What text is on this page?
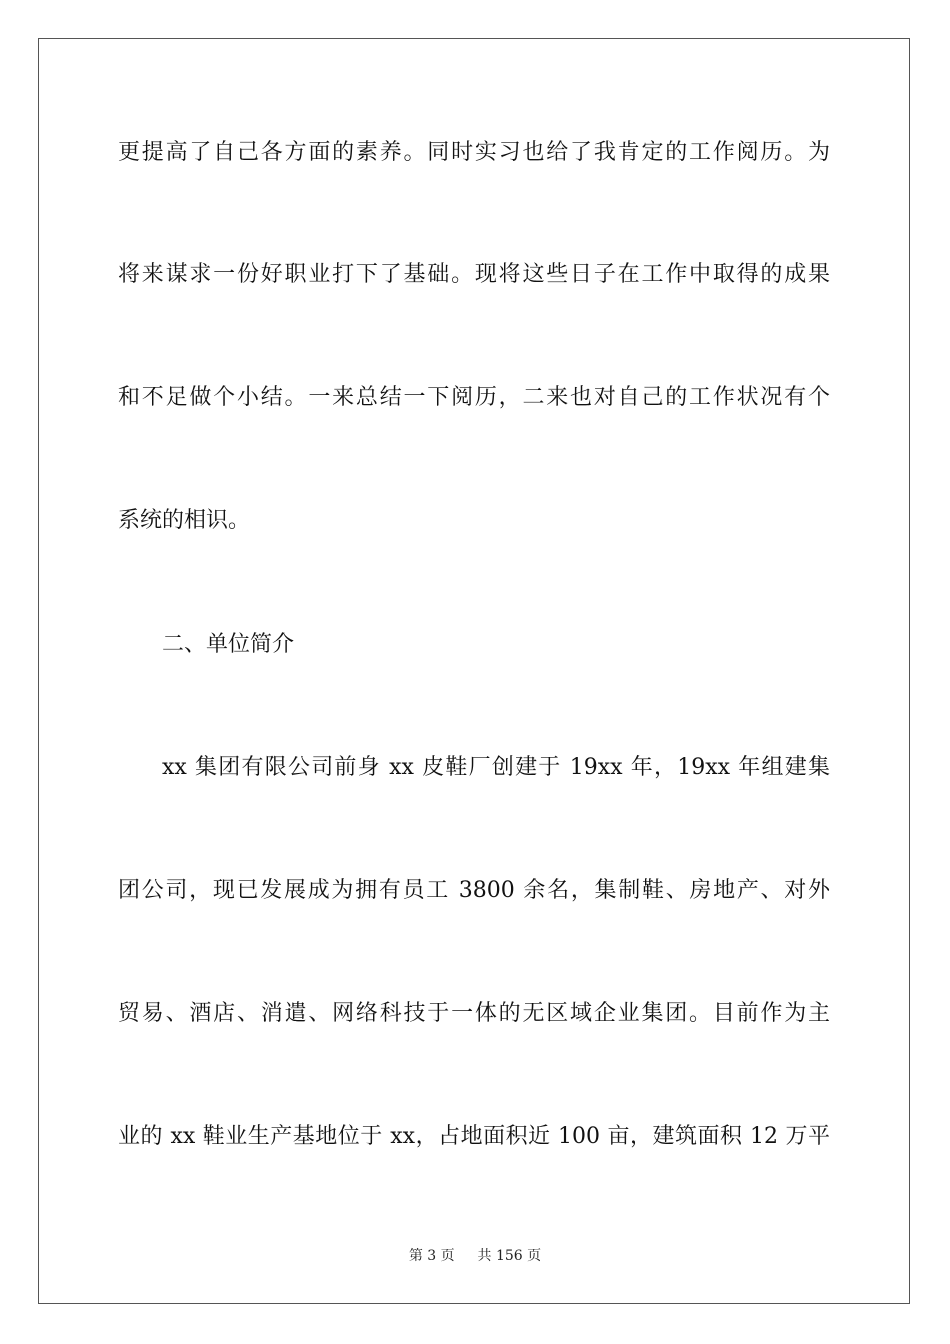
更提高了自己各方面的素养。同时实习也给了我肯定的工作阅历。为
将来谋求一份好职业打下了基础。现将这些日子在工作中取得的成果
和不足做个小结。一来总结一下阅历，二来也对自己的工作状况有个
系统的相识。
二、单位简介
xx 集团有限公司前身 xx 皮鞋厂创建于 19xx 年，19xx 年组建集
团公司，现已发展成为拥有员工 3800 余名，集制鞋、房地产、对外
贸易、酒店、消遣、网络科技于一体的无区域企业集团。目前作为主
业的 xx 鞋业生产基地位于 xx，占地面积近 100 亩，建筑面积 12 万平
第 3 页 共 156 页
